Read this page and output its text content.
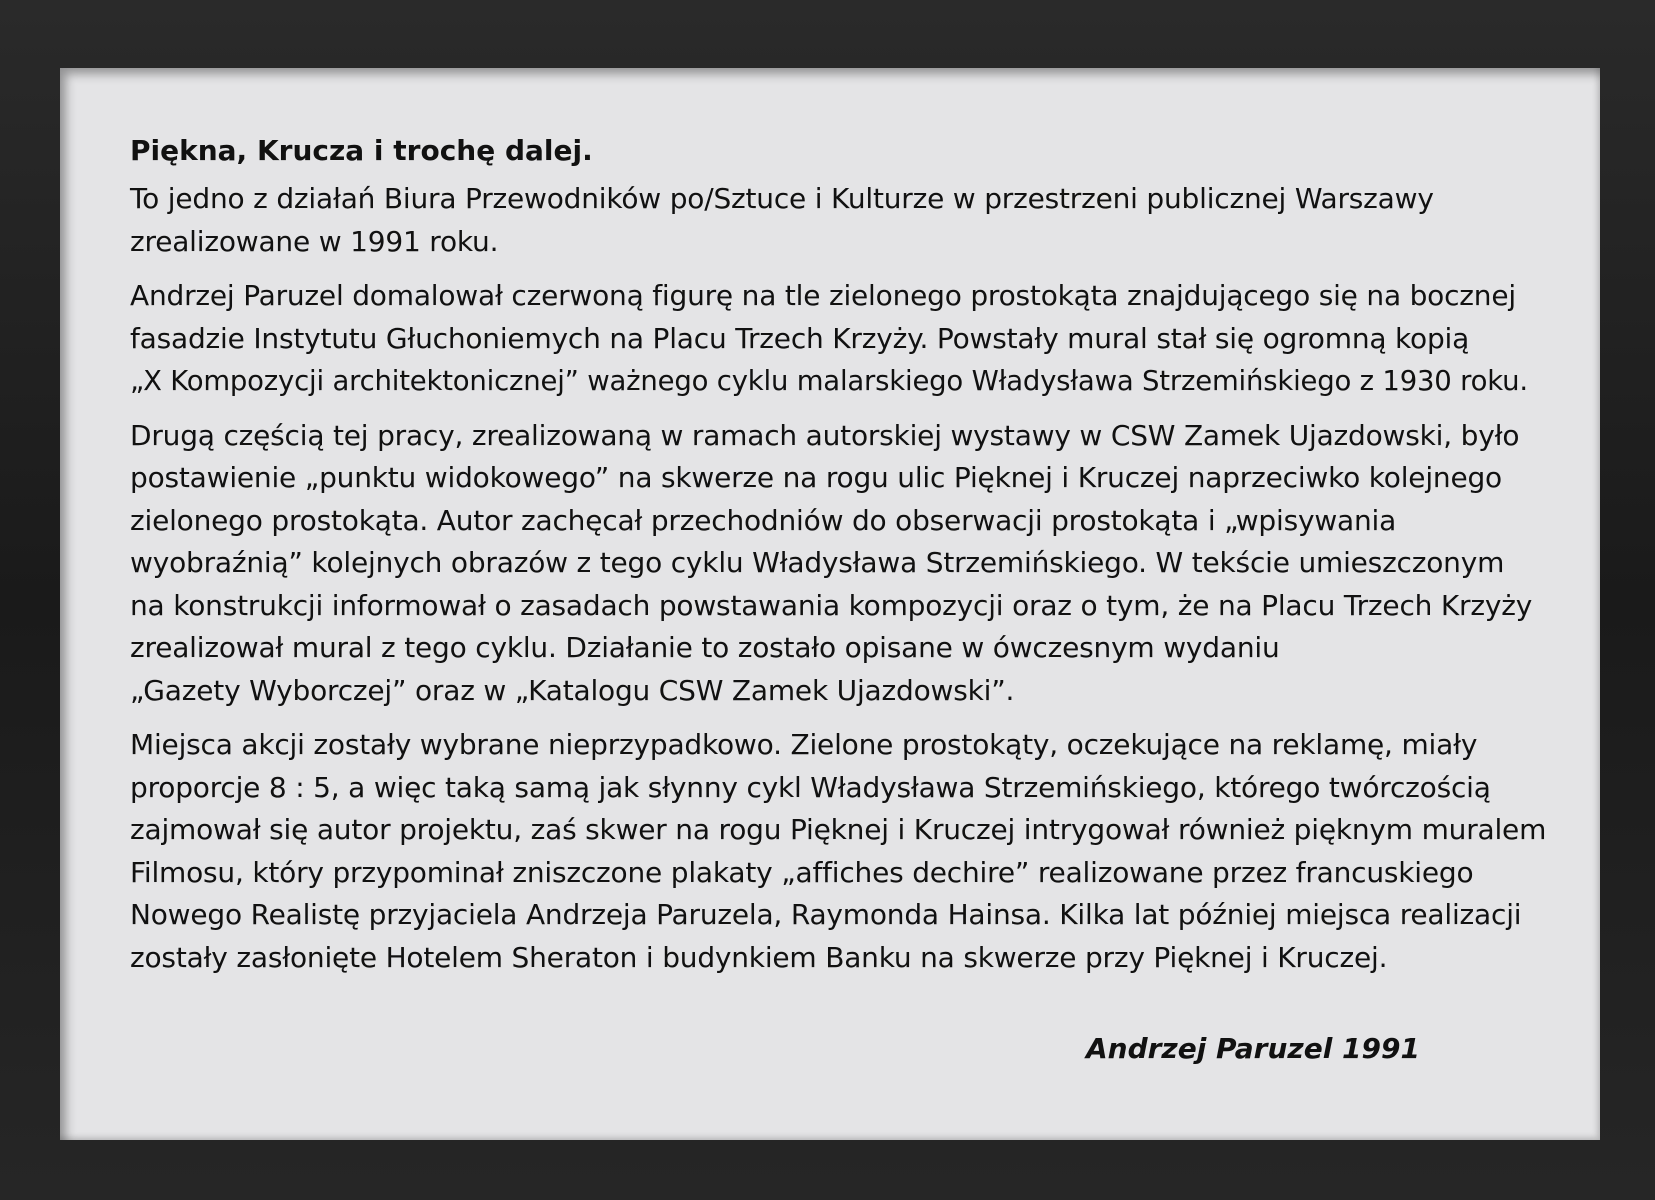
Piękna, Krucza i trochę dalej.
To jedno z działań Biura Przewodników po/Sztuce i Kulturze w przestrzeni publicznej Warszawy
zrealizowane w 1991 roku.
Andrzej Paruzel domalował czerwoną figurę na tle zielonego prostokąta znajdującego się na bocznej
fasadzie Instytutu Głuchoniemych na Placu Trzech Krzyży. Powstały mural stał się ogromną kopią
„X Kompozycji architektonicznej” ważnego cyklu malarskiego Władysława Strzemińskiego z 1930 roku.
Drugą częścią tej pracy, zrealizowaną w ramach autorskiej wystawy w CSW Zamek Ujazdowski, było
postawienie „punktu widokowego” na skwerze na rogu ulic Pięknej i Kruczej naprzeciwko kolejnego
zielonego prostokąta. Autor zachęcał przechodniów do obserwacji prostokąta i „wpisywania
wyobraźnią” kolejnych obrazów z tego cyklu Władysława Strzemińskiego. W tekście umieszczonym
na konstrukcji informował o zasadach powstawania kompozycji oraz o tym, że na Placu Trzech Krzyży
zrealizował mural z tego cyklu. Działanie to zostało opisane w ówczesnym wydaniu
„Gazety Wyborczej” oraz w „Katalogu CSW Zamek Ujazdowski”.
Miejsca akcji zostały wybrane nieprzypadkowo. Zielone prostokąty, oczekujące na reklamę, miały
proporcje 8 : 5, a więc taką samą jak słynny cykl Władysława Strzemińskiego, którego twórczością
zajmował się autor projektu, zaś skwer na rogu Pięknej i Kruczej intrygował również pięknym muralem
Filmosu, który przypominał zniszczone plakaty „affiches dechire” realizowane przez francuskiego
Nowego Realistę przyjaciela Andrzeja Paruzela, Raymonda Hainsa. Kilka lat później miejsca realizacji
zostały zasłonięte Hotelem Sheraton i budynkiem Banku na skwerze przy Pięknej i Kruczej.
Andrzej Paruzel 1991
